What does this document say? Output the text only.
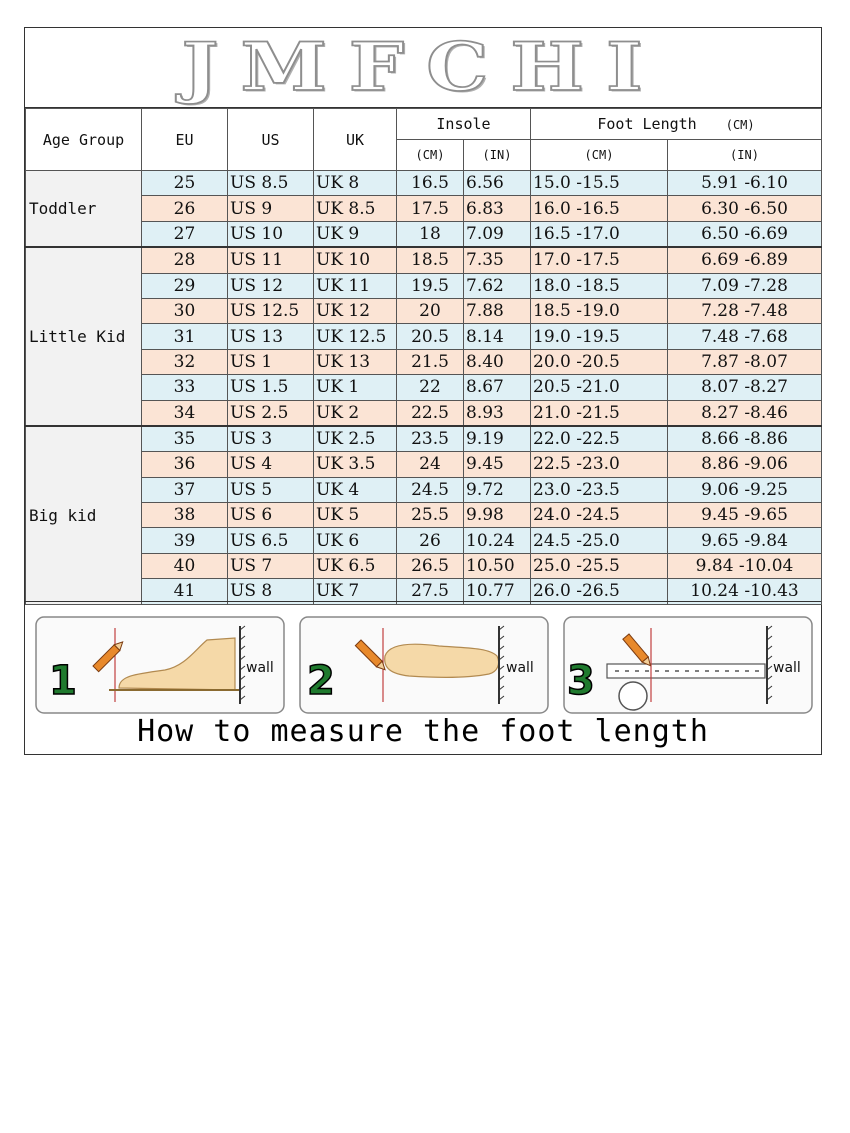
JMFCHI
Age Group	EU	US	UK	Insole		Foot Length (CM)	
				(CM)	(IN)	(CM)	(IN)
Toddler	25	US 8.5	UK 8	16.5	6.56	15.0 -15.5	5.91 -6.10
	26	US 9	UK 8.5	17.5	6.83	16.0 -16.5	6.30 -6.50
	27	US 10	UK 9	18	7.09	16.5 -17.0	6.50 -6.69
Little Kid	28	US 11	UK 10	18.5	7.35	17.0 -17.5	6.69 -6.89
	29	US 12	UK 11	19.5	7.62	18.0 -18.5	7.09 -7.28
	30	US 12.5	UK 12	20	7.88	18.5 -19.0	7.28 -7.48
	31	US 13	UK 12.5	20.5	8.14	19.0 -19.5	7.48 -7.68
	32	US 1	UK 13	21.5	8.40	20.0 -20.5	7.87 -8.07
	33	US 1.5	UK 1	22	8.67	20.5 -21.0	8.07 -8.27
	34	US 2.5	UK 2	22.5	8.93	21.0 -21.5	8.27 -8.46
Big kid	35	US 3	UK 2.5	23.5	9.19	22.0 -22.5	8.66 -8.86
	36	US 4	UK 3.5	24	9.45	22.5 -23.0	8.86 -9.06
	37	US 5	UK 4	24.5	9.72	23.0 -23.5	9.06 -9.25
	38	US 6	UK 5	25.5	9.98	24.0 -24.5	9.45 -9.65
	39	US 6.5	UK 6	26	10.24	24.5 -25.0	9.65 -9.84
	40	US 7	UK 6.5	26.5	10.50	25.0 -25.5	9.84 -10.04
	41	US 8	UK 7	27.5	10.77	26.0 -26.5	10.24 -10.43
1	wall 2	wall 3	wall
How to measure the foot length
